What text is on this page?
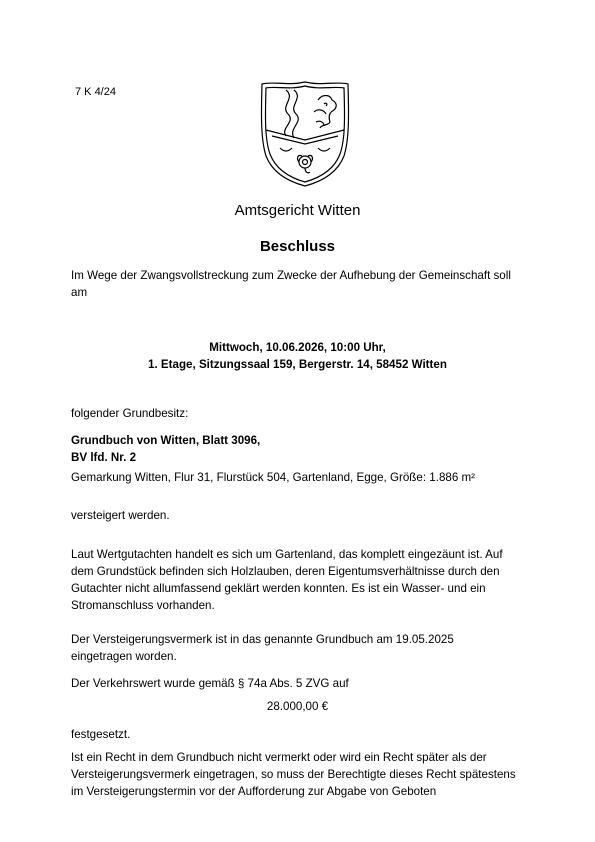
7 K 4/24
Amtsgericht Witten
Beschluss

Im Wege der Zwangsvollstreckung zum Zwecke der Aufhebung der Gemeinschaft soll am

Mittwoch, 10.06.2026, 10:00 Uhr,
1. Etage, Sitzungssaal 159, Bergerstr. 14, 58452 Witten
folgender Grundbesitz:
Grundbuch von Witten, Blatt 3096,
BV lfd. Nr. 2
Gemarkung Witten, Flur 31, Flurstück 504, Gartenland, Egge, Größe: 1.886 m²
versteigert werden.

Laut Wertgutachten handelt es sich um Gartenland, das komplett eingezäunt ist. Auf dem Grundstück befinden sich Holzlauben, deren Eigentumsverhältnisse durch den Gutachter nicht allumfassend geklärt werden konnten. Es ist ein Wasser- und ein Stromanschluss vorhanden.

Der Versteigerungsvermerk ist in das genannte Grundbuch am 19.05.2025 eingetragen worden.

Der Verkehrswert wurde gemäß § 74a Abs. 5 ZVG auf
28.000,00 €
festgesetzt.

Ist ein Recht in dem Grundbuch nicht vermerkt oder wird ein Recht später als der Versteigerungsvermerk eingetragen, so muss der Berechtigte dieses Recht spätestens im Versteigerungstermin vor der Aufforderung zur Abgabe von Geboten
